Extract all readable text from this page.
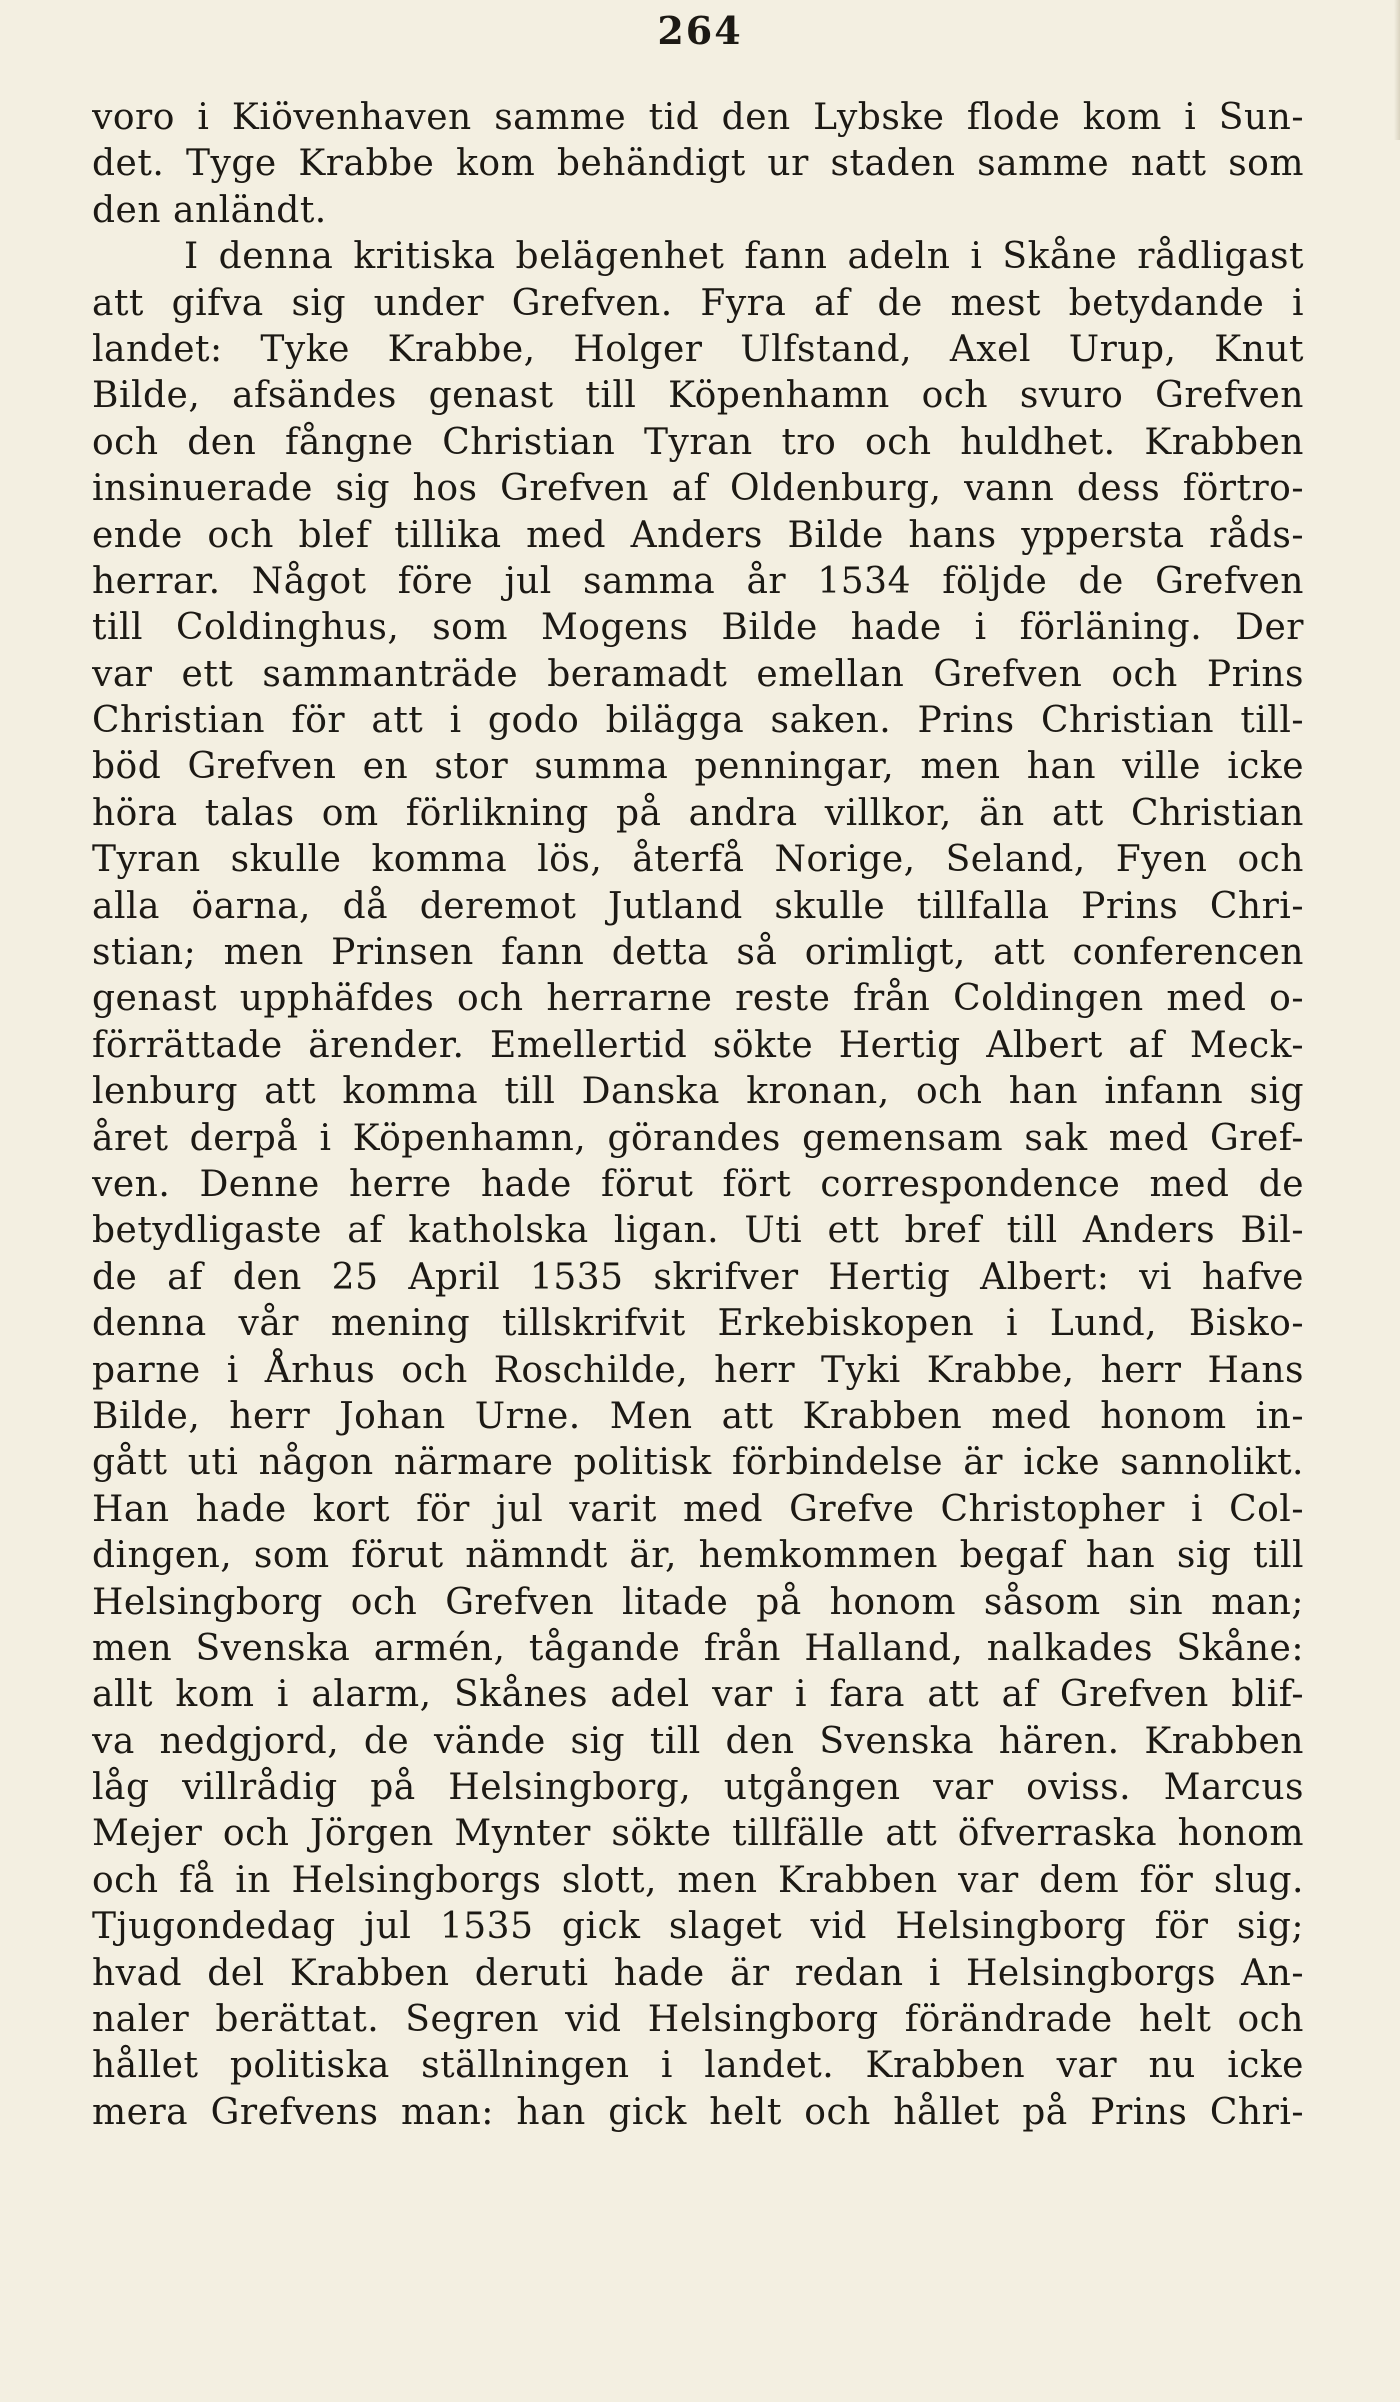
264
voro i Kiövenhaven samme tid den Lybske flode kom i Sun-
det. Tyge Krabbe kom behändigt ur staden samme natt som
den anländt.
I denna kritiska belägenhet fann adeln i Skåne rådligast
att gifva sig under Grefven. Fyra af de mest betydande i
landet: Tyke Krabbe, Holger Ulfstand, Axel Urup, Knut
Bilde, afsändes genast till Köpenhamn och svuro Grefven
och den fångne Christian Tyran tro och huldhet. Krabben
insinuerade sig hos Grefven af Oldenburg, vann dess förtro-
ende och blef tillika med Anders Bilde hans yppersta råds-
herrar. Något före jul samma år 1534 följde de Grefven
till Coldinghus, som Mogens Bilde hade i förläning. Der
var ett sammanträde beramadt emellan Grefven och Prins
Christian för att i godo bilägga saken. Prins Christian till-
böd Grefven en stor summa penningar, men han ville icke
höra talas om förlikning på andra villkor, än att Christian
Tyran skulle komma lös, återfå Norige, Seland, Fyen och
alla öarna, då deremot Jutland skulle tillfalla Prins Chri-
stian; men Prinsen fann detta så orimligt, att conferencen
genast upphäfdes och herrarne reste från Coldingen med o-
förrättade ärender. Emellertid sökte Hertig Albert af Meck-
lenburg att komma till Danska kronan, och han infann sig
året derpå i Köpenhamn, görandes gemensam sak med Gref-
ven. Denne herre hade förut fört correspondence med de
betydligaste af katholska ligan. Uti ett bref till Anders Bil-
de af den 25 April 1535 skrifver Hertig Albert: vi hafve
denna vår mening tillskrifvit Erkebiskopen i Lund, Bisko-
parne i Århus och Roschilde, herr Tyki Krabbe, herr Hans
Bilde, herr Johan Urne. Men att Krabben med honom in-
gått uti någon närmare politisk förbindelse är icke sannolikt.
Han hade kort för jul varit med Grefve Christopher i Col-
dingen, som förut nämndt är, hemkommen begaf han sig till
Helsingborg och Grefven litade på honom såsom sin man;
men Svenska armén, tågande från Halland, nalkades Skåne:
allt kom i alarm, Skånes adel var i fara att af Grefven blif-
va nedgjord, de vände sig till den Svenska hären. Krabben
låg villrådig på Helsingborg, utgången var oviss. Marcus
Mejer och Jörgen Mynter sökte tillfälle att öfverraska honom
och få in Helsingborgs slott, men Krabben var dem för slug.
Tjugondedag jul 1535 gick slaget vid Helsingborg för sig;
hvad del Krabben deruti hade är redan i Helsingborgs An-
naler berättat. Segren vid Helsingborg förändrade helt och
hållet politiska ställningen i landet. Krabben var nu icke
mera Grefvens man: han gick helt och hållet på Prins Chri-
